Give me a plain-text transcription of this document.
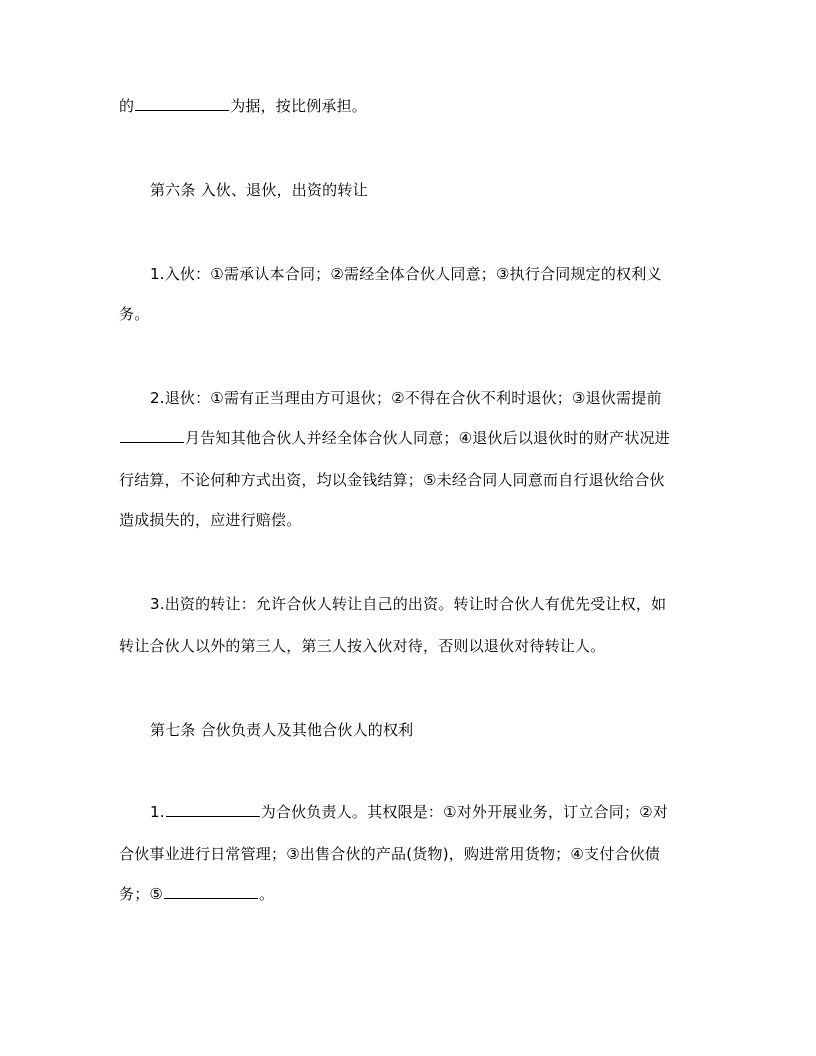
的	为据，按比例承担。
第六条 入伙、退伙，出资的转让
1.入伙：①需承认本合同；②需经全体合伙人同意；③执行合同规定的权利义
务。
2.退伙：①需有正当理由方可退伙；②不得在合伙不利时退伙；③退伙需提前
月告知其他合伙人并经全体合伙人同意；④退伙后以退伙时的财产状况进
行结算，不论何种方式出资，均以金钱结算；⑤未经合同人同意而自行退伙给合伙
造成损失的，应进行赔偿。
3.出资的转让：允许合伙人转让自己的出资。转让时合伙人有优先受让权，如
转让合伙人以外的第三人，第三人按入伙对待，否则以退伙对待转让人。
第七条 合伙负责人及其他合伙人的权利
1.	为合伙负责人。其权限是：①对外开展业务，订立合同；②对
合伙事业进行日常管理；③出售合伙的产品(货物)，购进常用货物；④支付合伙债
务；⑤	。
